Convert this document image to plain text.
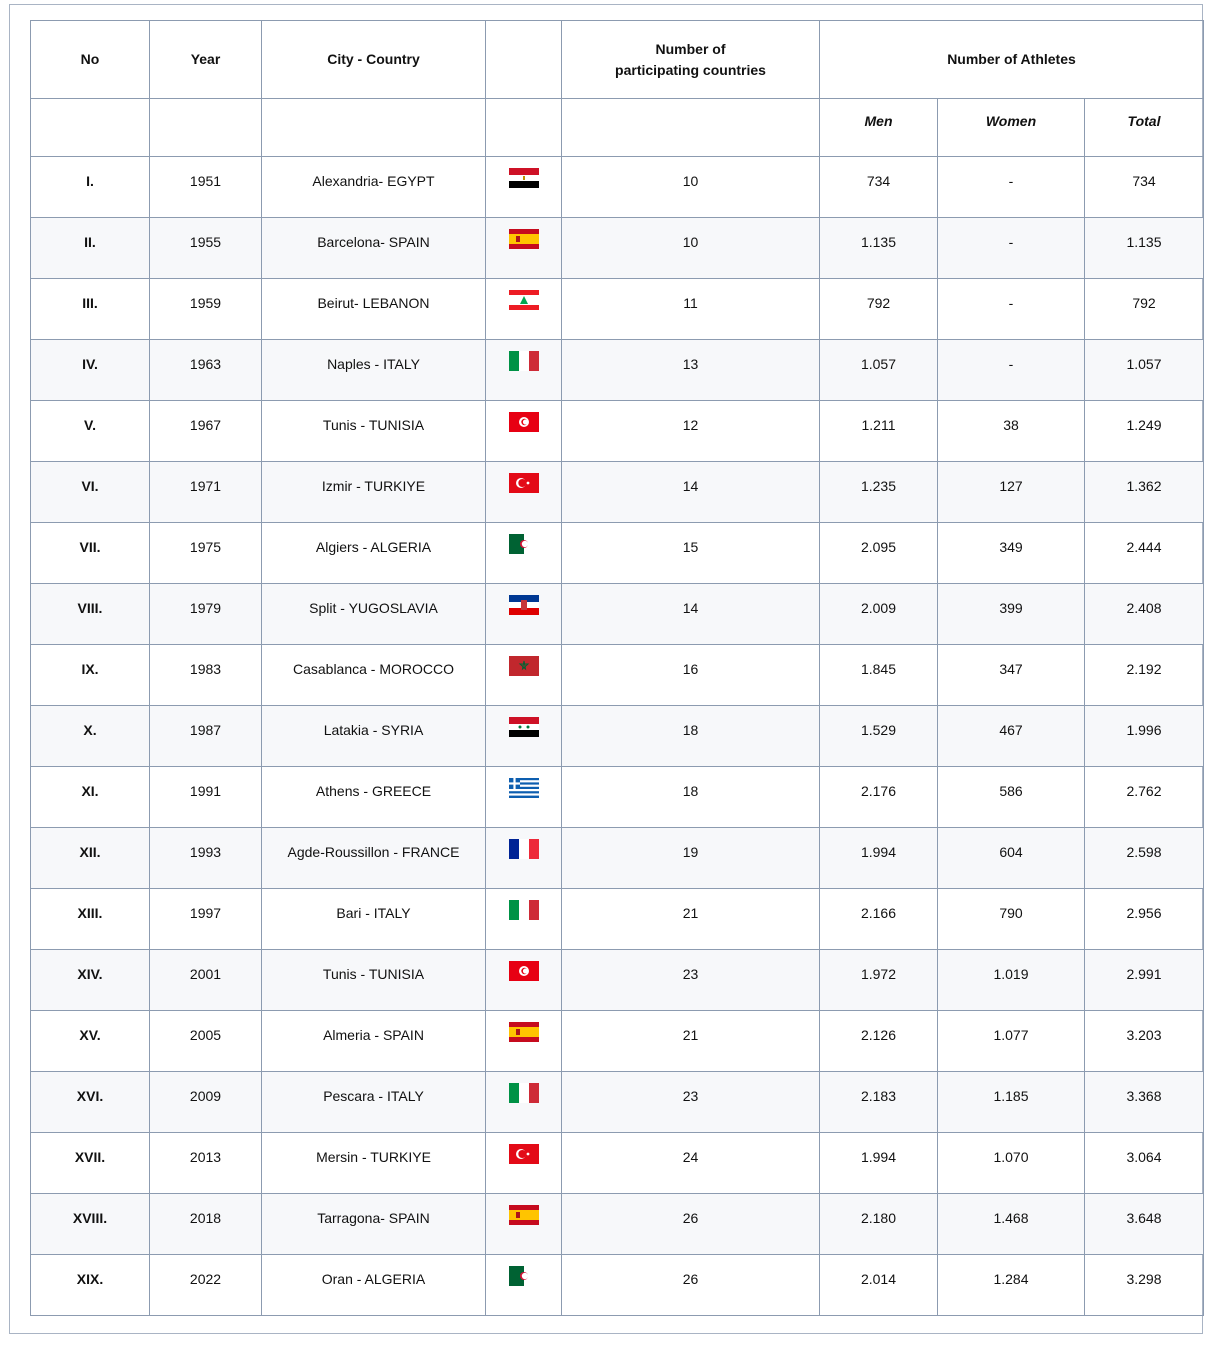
No	Year	City - Country		Number of participating countries	Number of Athletes		
					Men	Women	Total
I.	1951	Alexandria- EGYPT		10	734	-	734
II.	1955	Barcelona- SPAIN		10	1.135	-	1.135
III.	1959	Beirut- LEBANON		11	792	-	792
IV.	1963	Naples - ITALY		13	1.057	-	1.057
V.	1967	Tunis - TUNISIA		12	1.211	38	1.249
VI.	1971	Izmir - TURKIYE		14	1.235	127	1.362
VII.	1975	Algiers - ALGERIA		15	2.095	349	2.444
VIII.	1979	Split - YUGOSLAVIA		14	2.009	399	2.408
IX.	1983	Casablanca - MOROCCO		16	1.845	347	2.192
X.	1987	Latakia - SYRIA		18	1.529	467	1.996
XI.	1991	Athens - GREECE		18	2.176	586	2.762
XII.	1993	Agde-Roussillon - FRANCE		19	1.994	604	2.598
XIII.	1997	Bari - ITALY		21	2.166	790	2.956
XIV.	2001	Tunis - TUNISIA		23	1.972	1.019	2.991
XV.	2005	Almeria - SPAIN		21	2.126	1.077	3.203
XVI.	2009	Pescara - ITALY		23	2.183	1.185	3.368
XVII.	2013	Mersin - TURKIYE		24	1.994	1.070	3.064
XVIII.	2018	Tarragona- SPAIN		26	2.180	1.468	3.648
XIX.	2022	Oran - ALGERIA		26	2.014	1.284	3.298
